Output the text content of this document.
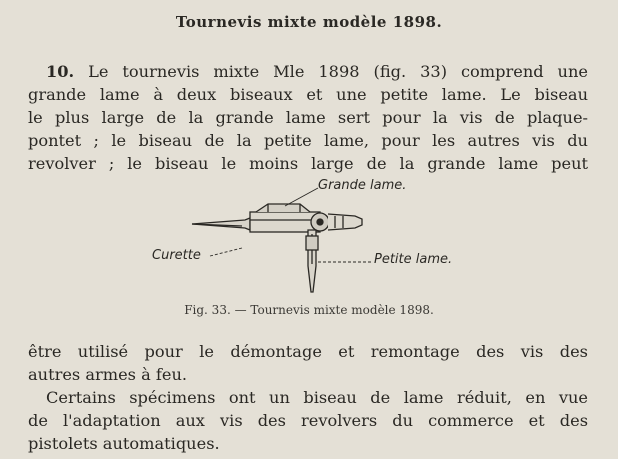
Tournevis mixte modèle 1898.
10. Le tournevis mixte Mle 1898 (fig. 33) comprend une
grande lame à deux biseaux et une petite lame. Le biseau
le plus large de la grande lame sert pour la vis de plaque-
pontet ; le biseau de la petite lame, pour les autres vis du
revolver ; le biseau le moins large de la grande lame peut
Grande lame.
Curette	Petite lame.
Fig. 33. — Tournevis mixte modèle 1898.
être utilisé pour le démontage et remontage des vis des
autres armes à feu.
Certains spécimens ont un biseau de lame réduit, en vue
de l'adaptation aux vis des revolvers du commerce et des
pistolets automatiques.
